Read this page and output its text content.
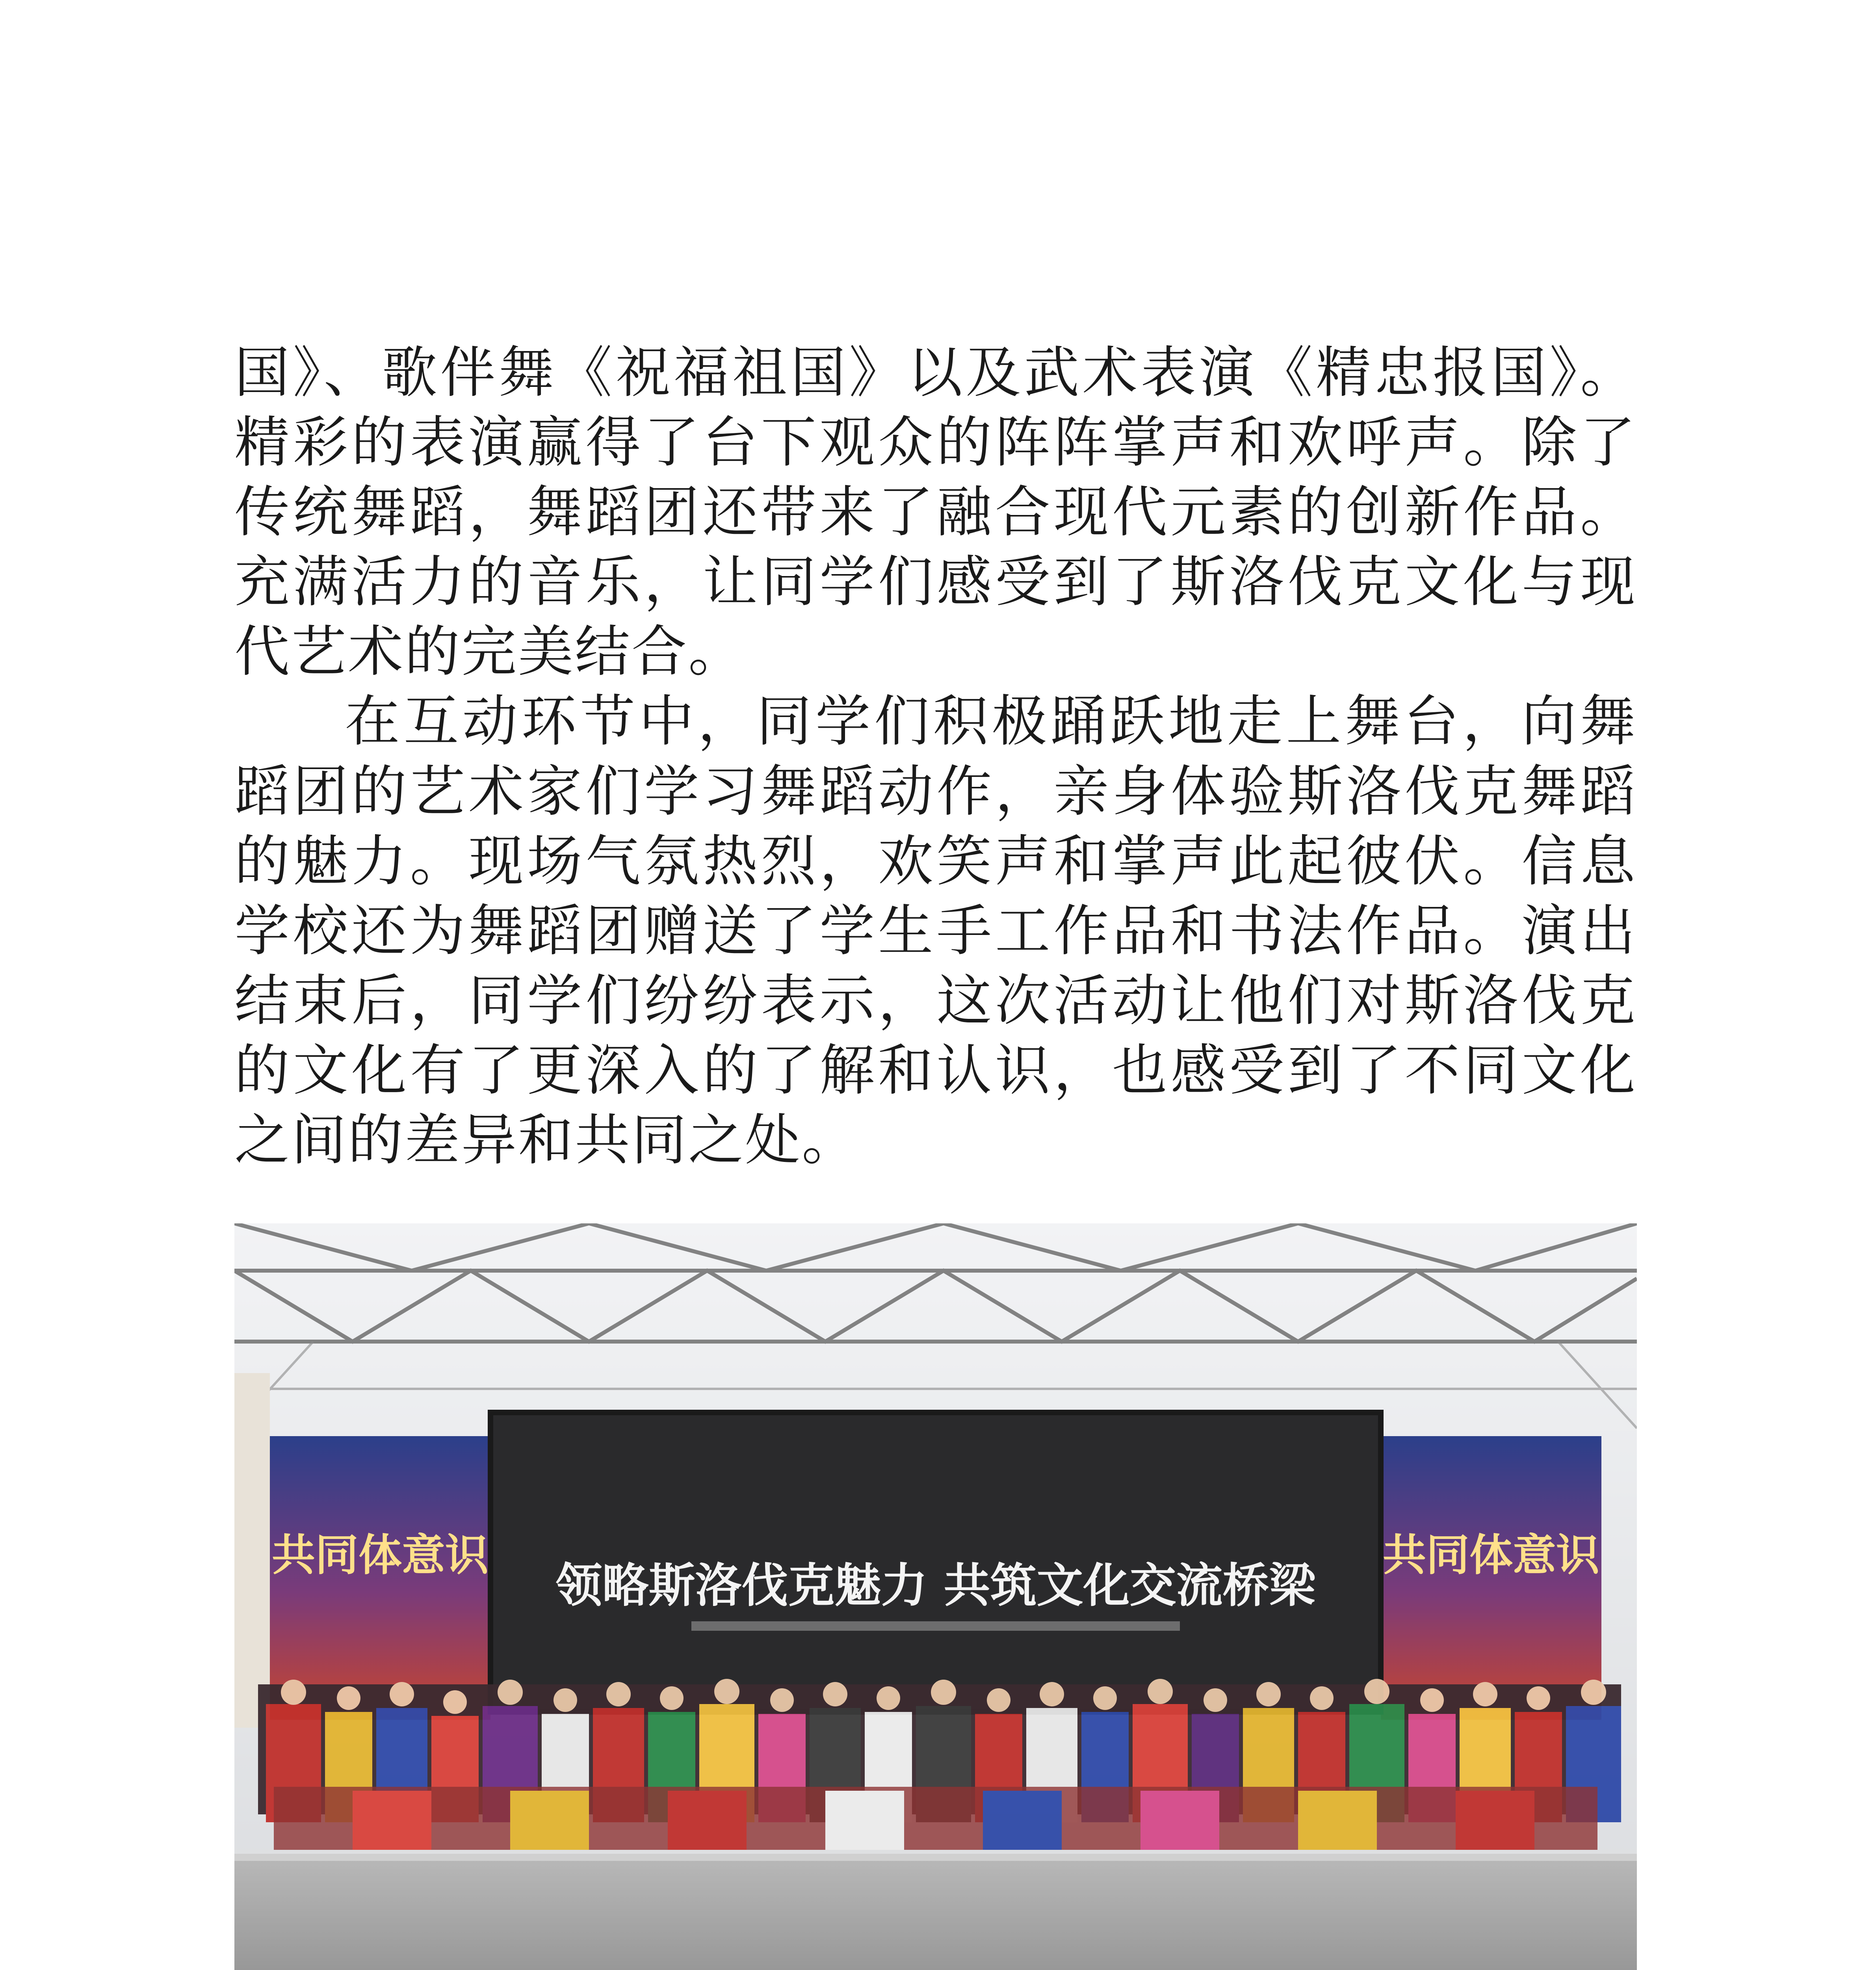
国》、歌伴舞《祝福祖国》以及武术表演《精忠报国》。精彩的表演赢得了台下观众的阵阵掌声和欢呼声。除了传统舞蹈，舞蹈团还带来了融合现代元素的创新作品。充满活力的音乐，让同学们感受到了斯洛伐克文化与现代艺术的完美结合。

在互动环节中，同学们积极踊跃地走上舞台，向舞蹈团的艺术家们学习舞蹈动作，亲身体验斯洛伐克舞蹈的魅力。现场气氛热烈，欢笑声和掌声此起彼伏。信息学校还为舞蹈团赠送了学生手工作品和书法作品。演出结束后，同学们纷纷表示，这次活动让他们对斯洛伐克的文化有了更深入的了解和认识，也感受到了不同文化之间的差异和共同之处。

共同体意识	共同体意识
领略斯洛伐克魅力 共筑文化交流桥梁
